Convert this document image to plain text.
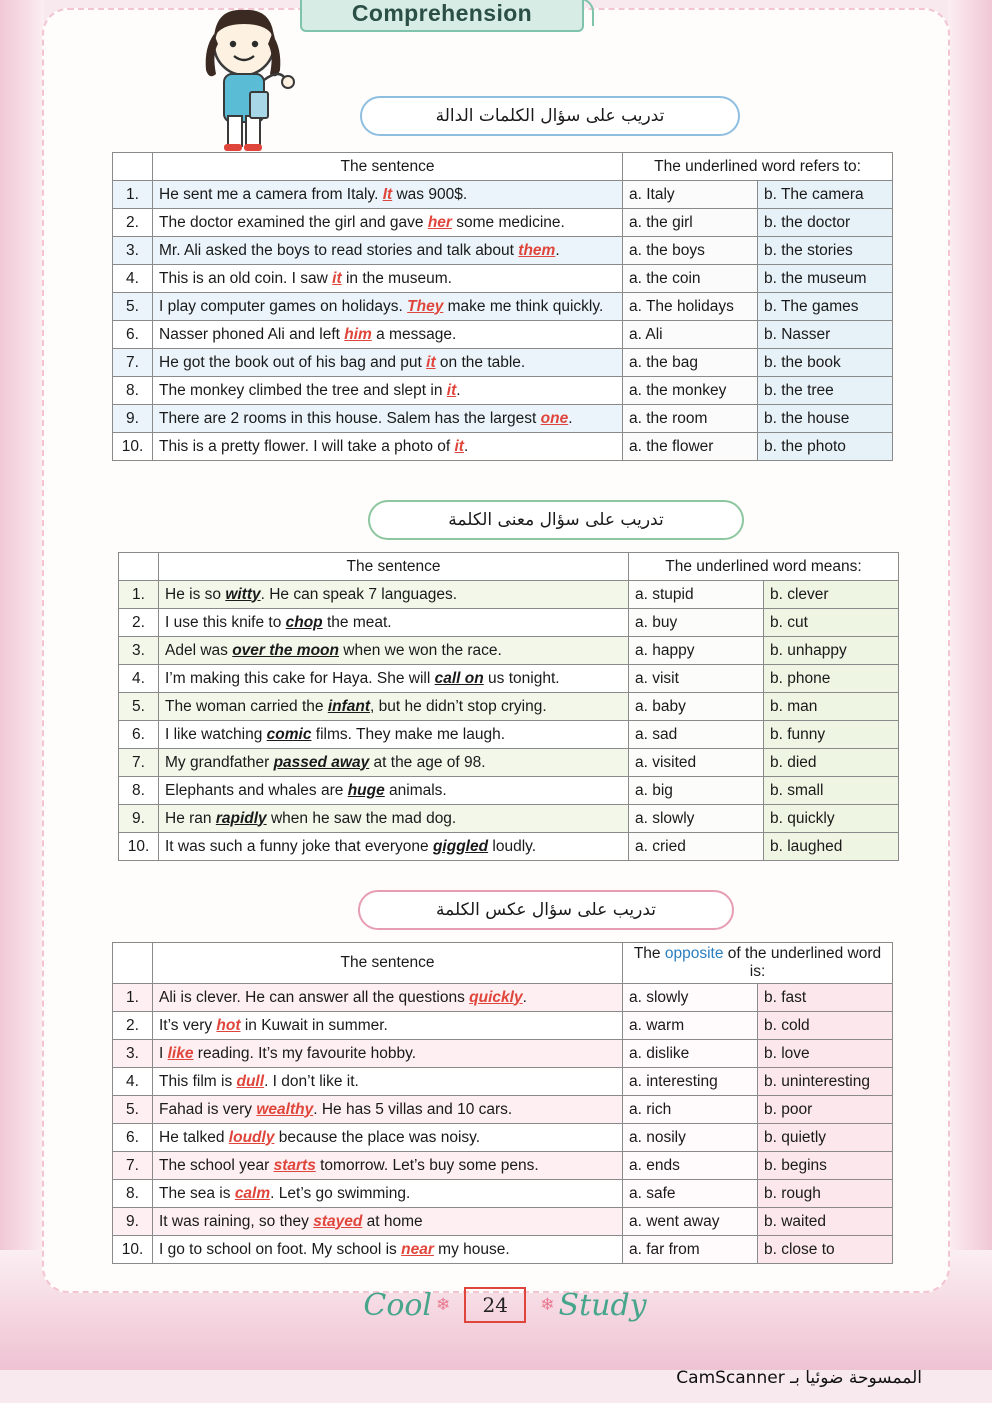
Comprehension
تدريب على سؤال الكلمات الدالة
	The sentence	The underlined word refers to:	
1.	He sent me a camera from Italy. It was 900$.	a. Italy	b. The camera
2.	The doctor examined the girl and gave her some medicine.	a. the girl	b. the doctor
3.	Mr. Ali asked the boys to read stories and talk about them.	a. the boys	b. the stories
4.	This is an old coin. I saw it in the museum.	a. the coin	b. the museum
5.	I play computer games on holidays. They make me think quickly.	a. The holidays	b. The games
6.	Nasser phoned Ali and left him a message.	a. Ali	b. Nasser
7.	He got the book out of his bag and put it on the table.	a. the bag	b. the book
8.	The monkey climbed the tree and slept in it.	a. the monkey	b. the tree
9.	There are 2 rooms in this house. Salem has the largest one.	a. the room	b. the house
10.	This is a pretty flower. I will take a photo of it.	a. the flower	b. the photo
تدريب على سؤال معنى الكلمة
	The sentence	The underlined word means:	
1.	He is so witty. He can speak 7 languages.	a. stupid	b. clever
2.	I use this knife to chop the meat.	a. buy	b. cut
3.	Adel was over the moon when we won the race.	a. happy	b. unhappy
4.	I’m making this cake for Haya. She will call on us tonight.	a. visit	b. phone
5.	The woman carried the infant, but he didn’t stop crying.	a. baby	b. man
6.	I like watching comic films. They make me laugh.	a. sad	b. funny
7.	My grandfather passed away at the age of 98.	a. visited	b. died
8.	Elephants and whales are huge animals.	a. big	b. small
9.	He ran rapidly when he saw the mad dog.	a. slowly	b. quickly
10.	It was such a funny joke that everyone giggled loudly.	a. cried	b. laughed
تدريب على سؤال عكس الكلمة
	The sentence	The opposite of the underlined word is:	
1.	Ali is clever. He can answer all the questions quickly.	a. slowly	b. fast
2.	It’s very hot in Kuwait in summer.	a. warm	b. cold
3.	I like reading. It’s my favourite hobby.	a. dislike	b. love
4.	This film is dull. I don’t like it.	a. interesting	b. uninteresting
5.	Fahad is very wealthy. He has 5 villas and 10 cars.	a. rich	b. poor
6.	He talked loudly because the place was noisy.	a. nosily	b. quietly
7.	The school year starts tomorrow. Let’s buy some pens.	a. ends	b. begins
8.	The sea is calm. Let’s go swimming.	a. safe	b. rough
9.	It was raining, so they stayed at home	a. went away	b. waited
10.	I go to school on foot. My school is near my house.	a. far from	b. close to
Cool ❄ 24 ❄ Study
الممسوحة ضوئيا بـ CamScanner
